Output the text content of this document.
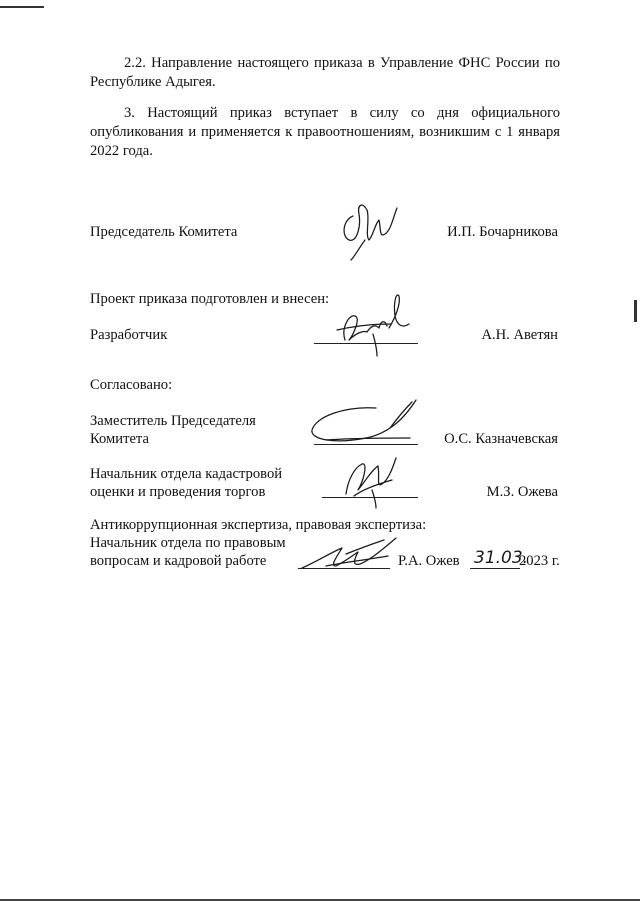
2.2. Направление настоящего приказа в Управление ФНС России по Республике Адыгея.
3. Настоящий приказ вступает в силу со дня официального опубликования и применяется к правоотношениям, возникшим с 1 января 2022 года.
Председатель Комитета	И.П. Бочарникова
Проект приказа подготовлен и внесен:
Разработчик	А.Н. Аветян
Согласовано:
Заместитель Председателя
Комитета	О.С. Казначевская
Начальник отдела кадастровой
оценки и проведения торгов	М.З. Ожева
Антикоррупционная экспертиза, правовая экспертиза:
Начальник отдела по правовым
вопросам и кадровой работе	Р.А. Ожев 31.03.
2023 г.
